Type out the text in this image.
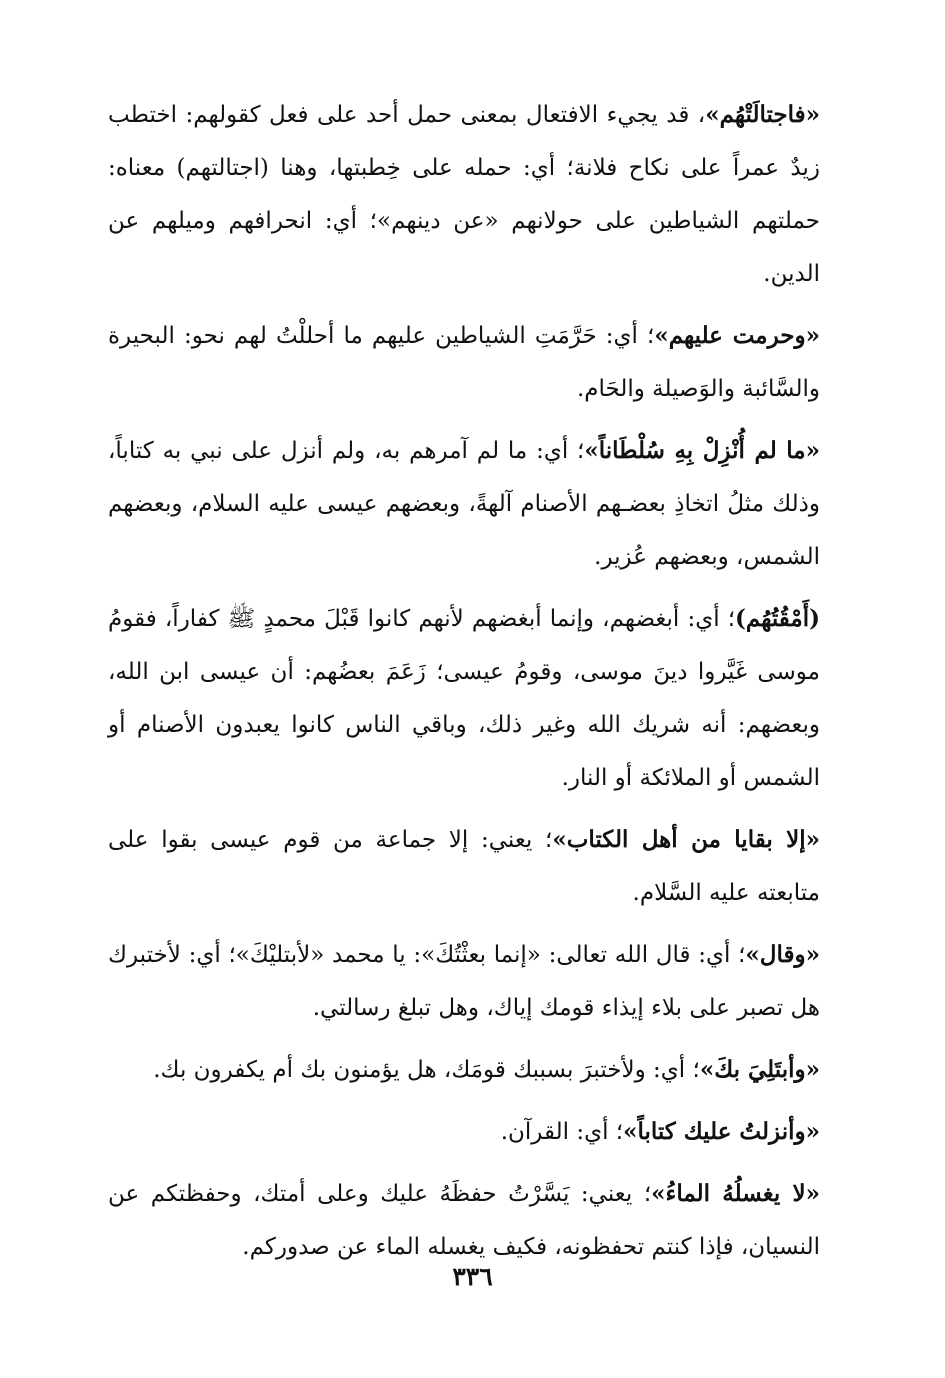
«فاجتالَتْهُم»، قد يجيء الافتعال بمعنى حمل أحد على فعل كقولهم: اختطب زيدٌ عمراً على نكاح فلانة؛ أي: حمله على خِطبتها، وهنا (اجتالتهم) معناه: حملتهم الشياطين على حولانهم «عن دينهم»؛ أي: انحرافهم وميلهم عن الدين.

«وحرمت عليهم»؛ أي: حَرَّمَتِ الشياطين عليهم ما أحللْتُ لهم نحو: البحيرة والسَّائبة والوَصيلة والحَام.

«ما لم أُنْزِلْ بِهِ سُلْطَاناً»؛ أي: ما لم آمرهم به، ولم أنزل على نبي به كتاباً، وذلك مثلُ اتخاذِ بعضـهم الأصنام آلهةً، وبعضهم عيسى عليه السلام، وبعضهم الشمس، وبعضهم عُزير.

(أَمْقُتُهُم)؛ أي: أبغضهم، وإنما أبغضهم لأنهم كانوا قَبْلَ محمدٍ ﷺ كفاراً، فقومُ موسى غَيَّروا دينَ موسى، وقومُ عيسى؛ زَعَمَ بعضُهم: أن عيسى ابن الله، وبعضهم: أنه شريك الله وغير ذلك، وباقي الناس كانوا يعبدون الأصنام أو الشمس أو الملائكة أو النار.

«إلا بقايا من أهل الكتاب»؛ يعني: إلا جماعة من قوم عيسى بقوا على متابعته عليه السَّلام.

«وقال»؛ أي: قال الله تعالى: «إنما بعثْتُكَ»: يا محمد «لأبتليْكَ»؛ أي: لأختبرك هل تصبر على بلاء إيذاء قومك إياك، وهل تبلغ رسالتي.

«وأبتَلِيَ بكَ»؛ أي: ولأختبرَ بسببك قومَك، هل يؤمنون بك أم يكفرون بك.

«وأنزلتُ عليك كتاباً»؛ أي: القرآن.

«لا يغسلُهُ الماءُ»؛ يعني: يَسَّرْتُ حفظَهُ عليك وعلى أمتك، وحفظتكم عن النسيان، فإذا كنتم تحفظونه، فكيف يغسله الماء عن صدوركم.

٣٣٦
